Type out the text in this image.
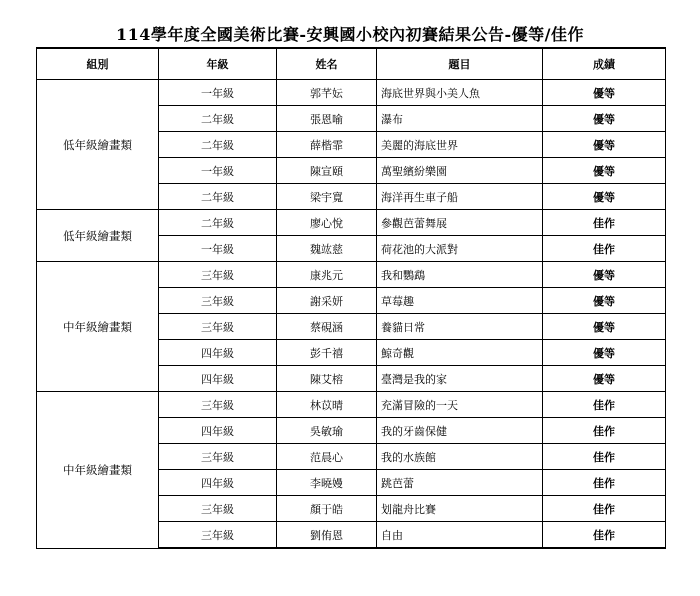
114學年度全國美術比賽-安興國小校內初賽結果公告-優等/佳作
組別	年級	姓名	題目	成績
低年級繪畫類	一年級	郭芊妘	海底世界與小美人魚	優等
	二年級	張恩喻	瀑布	優等
	二年級	薛楷霏	美麗的海底世界	優等
	一年級	陳宣頤	萬聖繽紛樂園	優等
	二年級	梁宇寬	海洋再生車子船	優等
低年級繪畫類	二年級	廖心悅	參觀芭蕾舞展	佳作
	一年級	魏竑慈	荷花池的大派對	佳作
中年級繪畫類	三年級	康兆元	我和鸚鵡	優等
	三年級	謝采妍	草莓趣	優等
	三年級	蔡硯涵	養貓日常	優等
	四年級	彭千禧	鯨奇觀	優等
	四年級	陳艾榕	臺灣是我的家	優等
中年級繪畫類	三年級	林苡晴	充滿冒險的一天	佳作
	四年級	吳敏瑜	我的牙齒保健	佳作
	三年級	范晨心	我的水族館	佳作
	四年級	李曉嫚	跳芭蕾	佳作
	三年級	顏于皓	划龍舟比賽	佳作
	三年級	劉侑恩	自由	佳作
